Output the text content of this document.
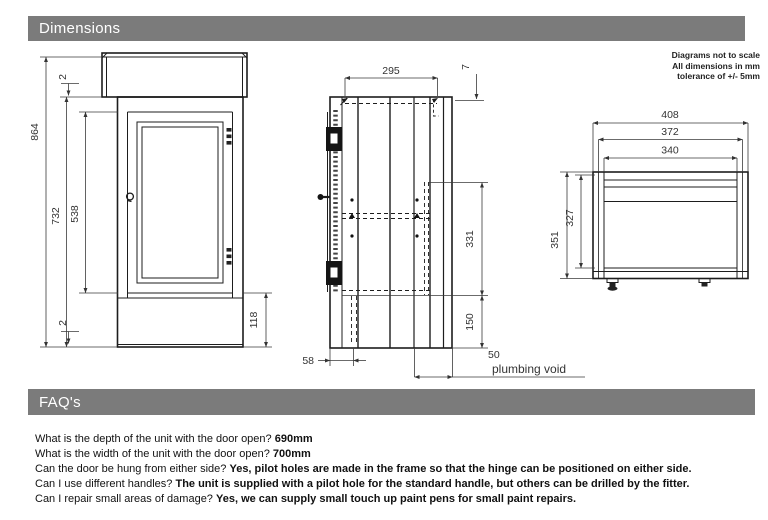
Dimensions
Diagrams not to scale
All dimensions in mm
tolerance of +/- 5mm
864
732 538
2
2	118
295	7
331
150
58	50
plumbing void
408
372
340
351
327
FAQ's
What is the depth of the unit with the door open? 690mm
What is the width of the unit with the door open? 700mm
Can the door be hung from either side? Yes, pilot holes are made in the frame so that the hinge can be positioned on either side.
Can I use different handles? The unit is supplied with a pilot hole for the standard handle, but others can be drilled by the fitter.
Can I repair small areas of damage? Yes, we can supply small touch up paint pens for small paint repairs.
